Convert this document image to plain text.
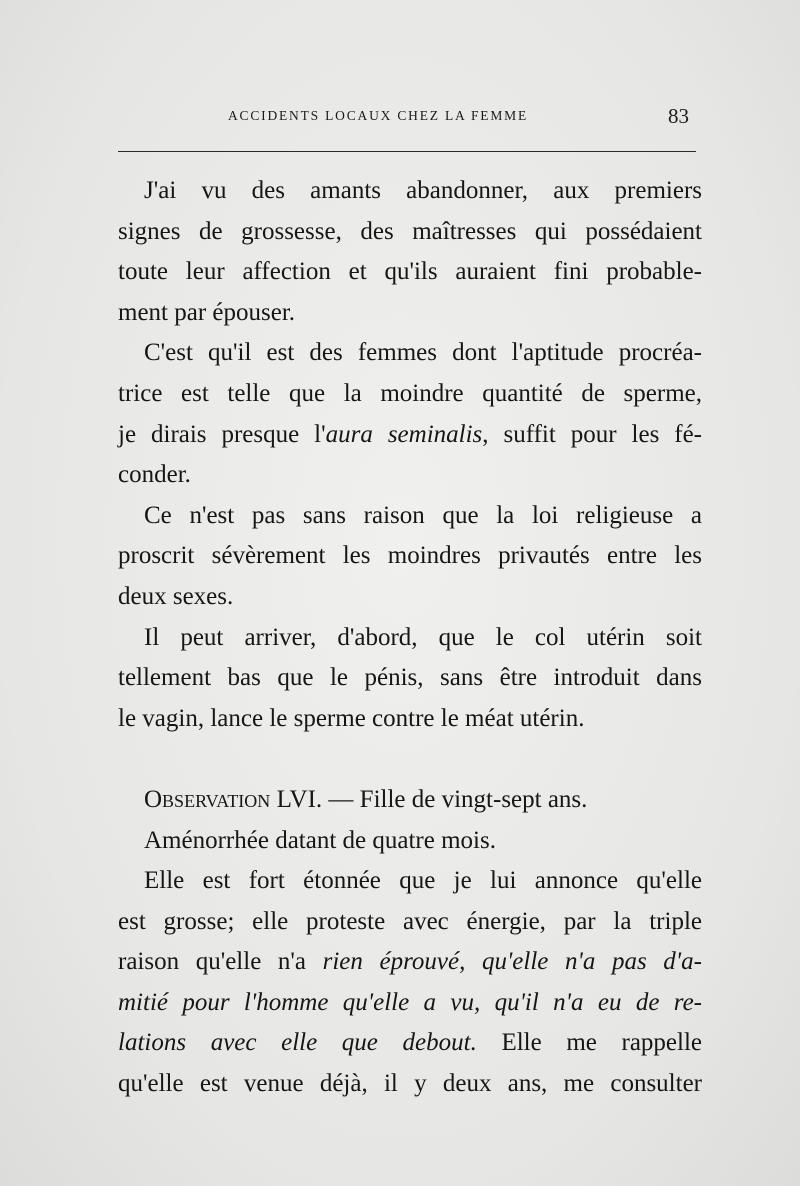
ACCIDENTS LOCAUX CHEZ LA FEMME	83
J'ai vu des amants abandonner, aux premiers
signes de grossesse, des maîtresses qui possédaient
toute leur affection et qu'ils auraient fini probable-
ment par épouser.
C'est qu'il est des femmes dont l'aptitude procréa-
trice est telle que la moindre quantité de sperme,
je dirais presque l'aura seminalis, suffit pour les fé-
conder.
Ce n'est pas sans raison que la loi religieuse a
proscrit sévèrement les moindres privautés entre les
deux sexes.
Il peut arriver, d'abord, que le col utérin soit
tellement bas que le pénis, sans être introduit dans
le vagin, lance le sperme contre le méat utérin.
Observation LVI. — Fille de vingt-sept ans.
Aménorrhée datant de quatre mois.
Elle est fort étonnée que je lui annonce qu'elle
est grosse; elle proteste avec énergie, par la triple
raison qu'elle n'a rien éprouvé, qu'elle n'a pas d'a-
mitié pour l'homme qu'elle a vu, qu'il n'a eu de re-
lations avec elle que debout. Elle me rappelle
qu'elle est venue déjà, il y deux ans, me consulter
